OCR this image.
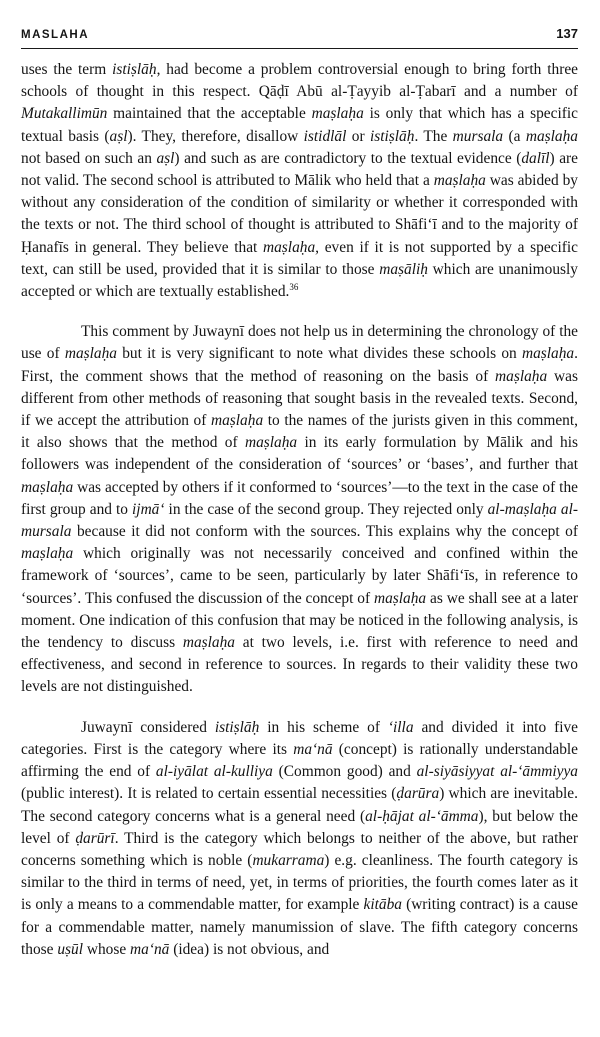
MASLAHA	137

uses the term istiṣlāḥ, had become a problem controversial enough to bring forth three schools of thought in this respect. Qāḍī Abū al-Ṭayyib al-Ṭabarī and a number of Mutakallimūn maintained that the acceptable maṣlaḥa is only that which has a specific textual basis (aṣl). They, therefore, disallow istidlāl or istiṣlāḥ. The mursala (a maṣlaḥa not based on such an aṣl) and such as are contradictory to the textual evidence (dalīl) are not valid. The second school is attributed to Mālik who held that a maṣlaḥa was abided by without any consideration of the condition of similarity or whether it corresponded with the texts or not. The third school of thought is attributed to Shāfi‘ī and to the majority of Ḥanafīs in general. They believe that maṣlaḥa, even if it is not supported by a specific text, can still be used, provided that it is similar to those maṣāliḥ which are unanimously accepted or which are textually established.$^{36}$

This comment by Juwaynī does not help us in determining the chronology of the use of maṣlaḥa but it is very significant to note what divides these schools on maṣlaḥa. First, the comment shows that the method of reasoning on the basis of maṣlaḥa was different from other methods of reasoning that sought basis in the revealed texts. Second, if we accept the attribution of maṣlaḥa to the names of the jurists given in this comment, it also shows that the method of maṣlaḥa in its early formulation by Mālik and his followers was independent of the consideration of ‘sources’ or ‘bases’, and further that maṣlaḥa was accepted by others if it conformed to ‘sources’—to the text in the case of the first group and to ijmā‘ in the case of the second group. They rejected only al-maṣlaḥa al-mursala because it did not conform with the sources. This explains why the concept of maṣlaḥa which originally was not necessarily conceived and confined within the framework of ‘sources’, came to be seen, particularly by later Shāfi‘īs, in reference to ‘sources’. This confused the discussion of the concept of maṣlaḥa as we shall see at a later moment. One indication of this confusion that may be noticed in the following analysis, is the tendency to discuss maṣlaḥa at two levels, i.e. first with reference to need and effectiveness, and second in reference to sources. In regards to their validity these two levels are not distinguished.

Juwaynī considered istiṣlāḥ in his scheme of ‘illa and divided it into five categories. First is the category where its ma‘nā (concept) is rationally understandable affirming the end of al-iyālat al-kulliya (Common good) and al-siyāsiyyat al-‘āmmiyya (public interest). It is related to certain essential necessities (ḍarūra) which are inevitable. The second category concerns what is a general need (al-ḥājat al-‘āmma), but below the level of ḍarūrī. Third is the category which belongs to neither of the above, but rather concerns something which is noble (mukarrama) e.g. cleanliness. The fourth category is similar to the third in terms of need, yet, in terms of priorities, the fourth comes later as it is only a means to a commendable matter, for example kitāba (writing contract) is a cause for a commendable matter, namely manumission of slave. The fifth category concerns those uṣūl whose ma‘nā (idea) is not obvious, and
